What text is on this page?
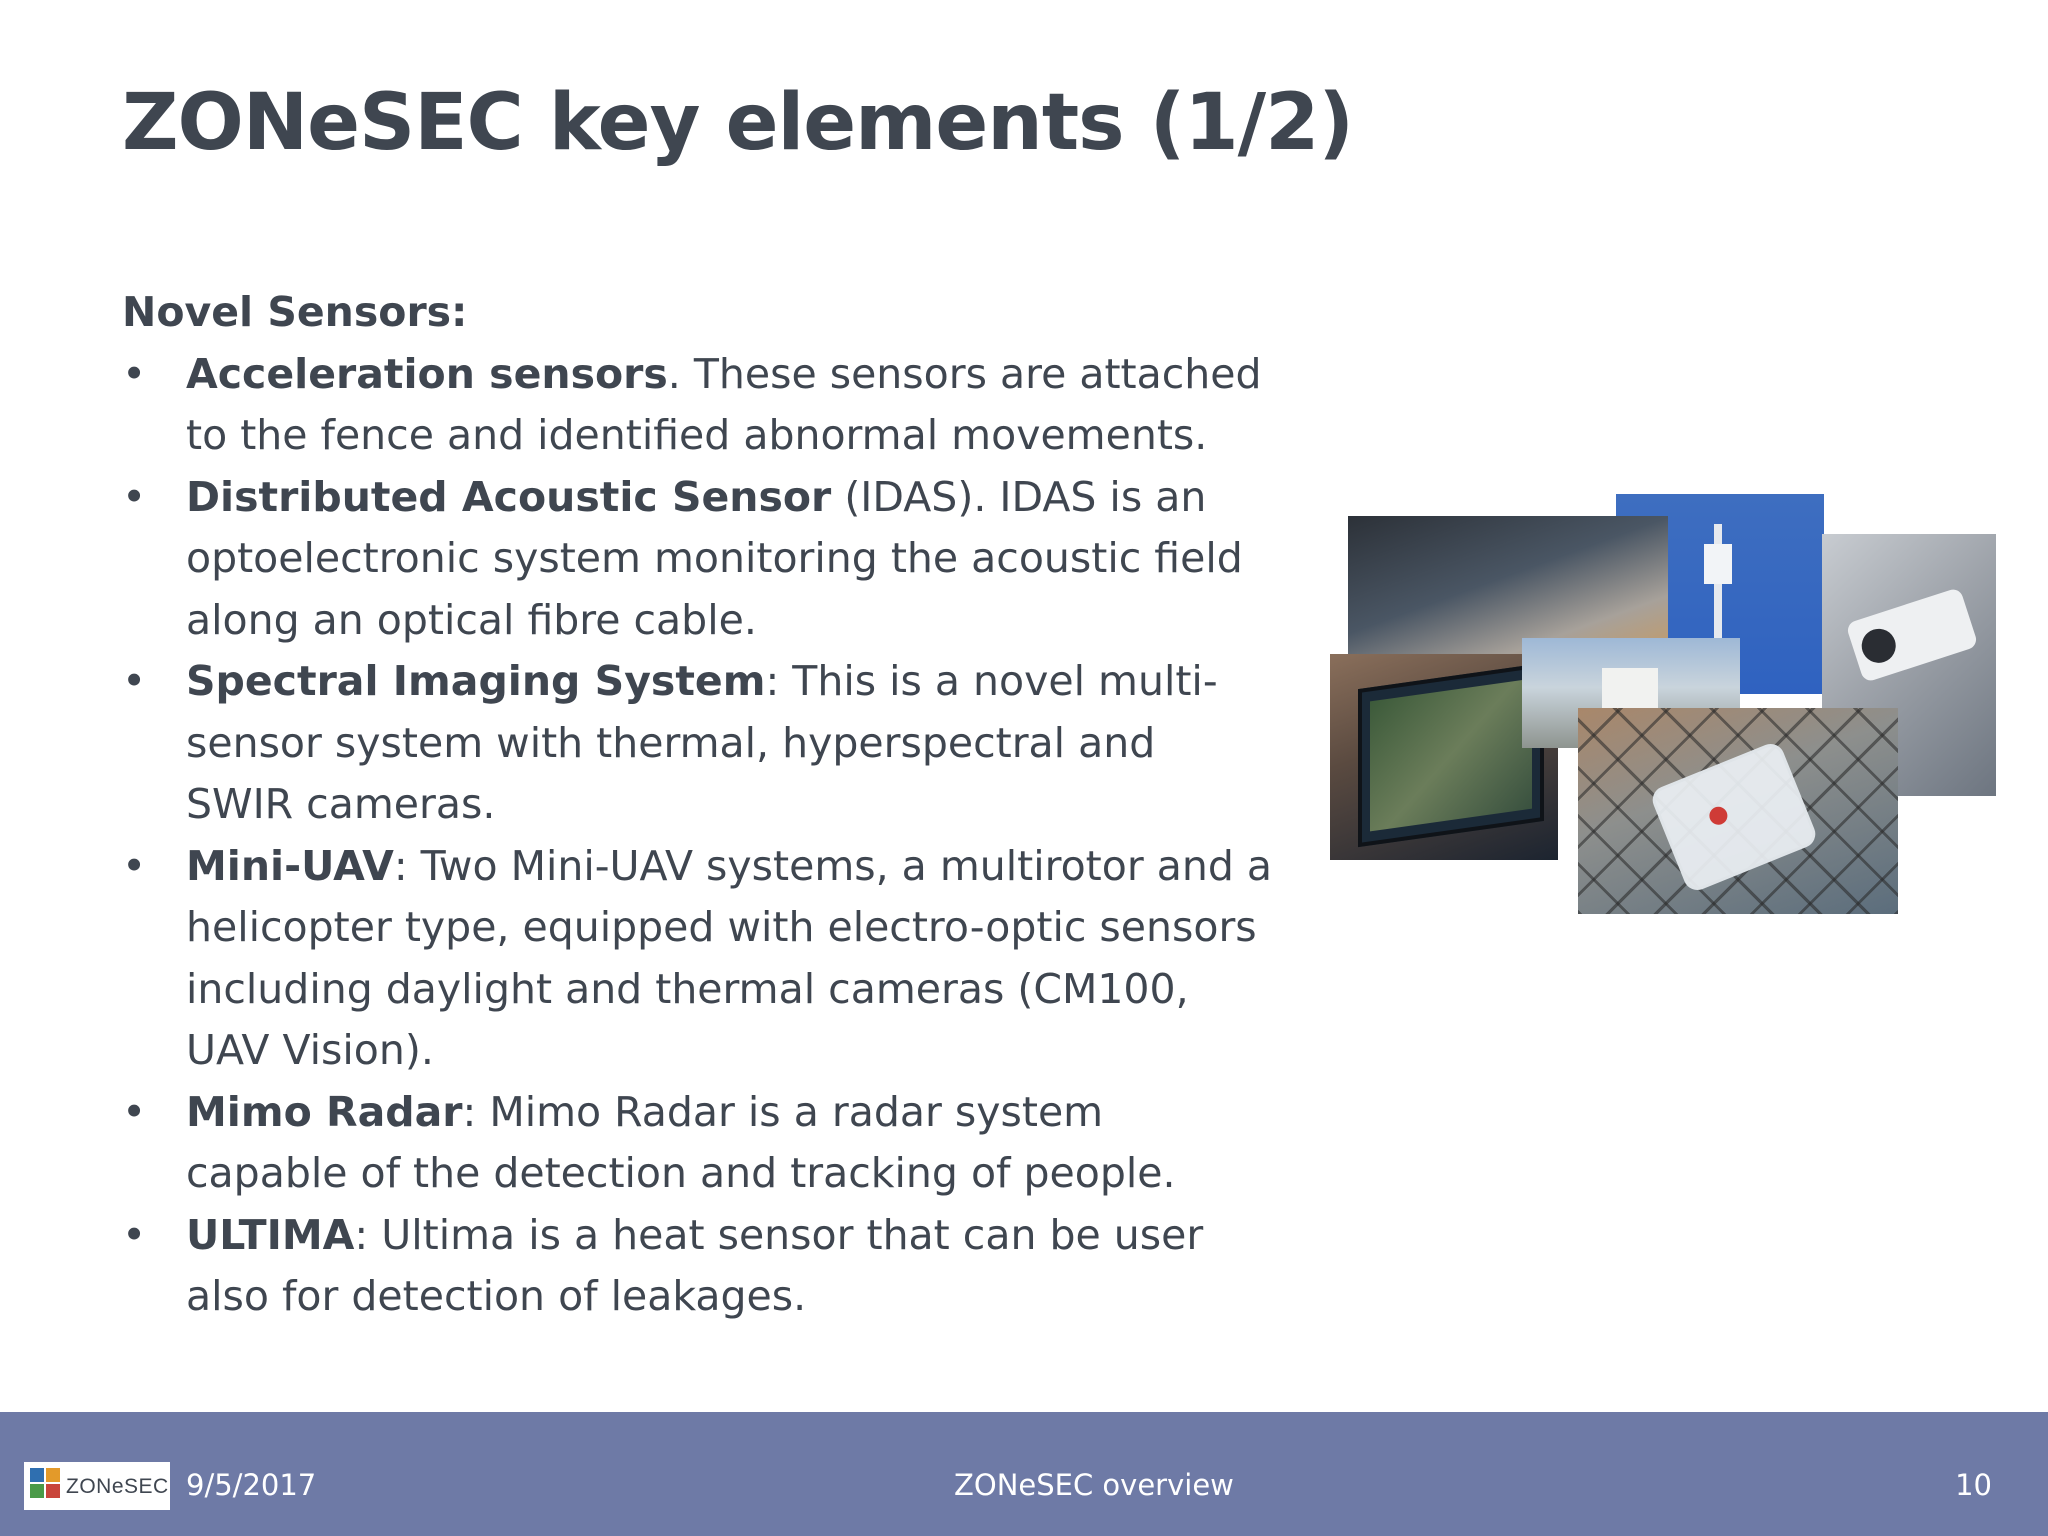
ZONeSEC key elements (1/2)

Novel Sensors:

• Acceleration sensors. These sensors are attached to the fence and identified abnormal movements.
• Distributed Acoustic Sensor (IDAS). IDAS is an optoelectronic system monitoring the acoustic field along an optical fibre cable.
• Spectral Imaging System: This is a novel multi-sensor system with thermal, hyperspectral and SWIR cameras.
• Mini-UAV: Two Mini-UAV systems, a multirotor and a helicopter type, equipped with electro-optic sensors including daylight and thermal cameras (CM100, UAV Vision).
• Mimo Radar: Mimo Radar is a radar system capable of the detection and tracking of people.
• ULTIMA: Ultima is a heat sensor that can be user also for detection of leakages.
ZONeSEC 9/5/2017	ZONeSEC overview	10
